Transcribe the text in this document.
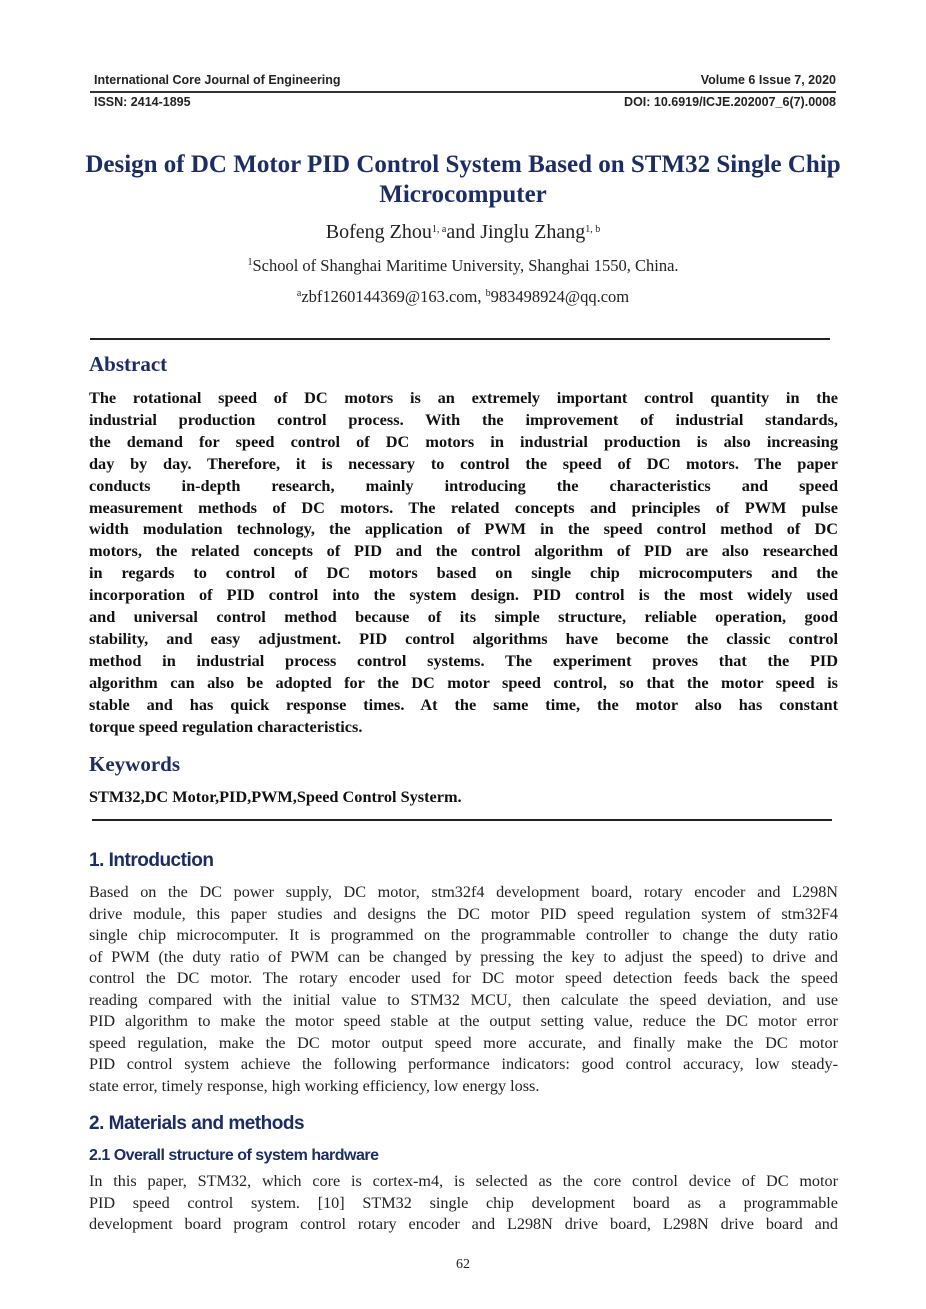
International Core Journal of Engineering	Volume 6 Issue 7, 2020
ISSN: 2414-1895	DOI: 10.6919/ICJE.202007_6(7).0008
Design of DC Motor PID Control System Based on STM32 Single Chip Microcomputer
Bofeng Zhou$^{1, a}$and Jinglu Zhang$^{1, b}$
$^1$School of Shanghai Maritime University, Shanghai 1550, China.
$^a$zbf1260144369@163.com, $^b$983498924@qq.com
Abstract
The rotational speed of DC motors is an extremely important control quantity in the
industrial production control process. With the improvement of industrial standards,
the demand for speed control of DC motors in industrial production is also increasing
day by day. Therefore, it is necessary to control the speed of DC motors. The paper
conducts in-depth research, mainly introducing the characteristics and speed
measurement methods of DC motors. The related concepts and principles of PWM pulse
width modulation technology, the application of PWM in the speed control method of DC
motors, the related concepts of PID and the control algorithm of PID are also researched
in regards to control of DC motors based on single chip microcomputers and the
incorporation of PID control into the system design. PID control is the most widely used
and universal control method because of its simple structure, reliable operation, good
stability, and easy adjustment. PID control algorithms have become the classic control
method in industrial process control systems. The experiment proves that the PID
algorithm can also be adopted for the DC motor speed control, so that the motor speed is
stable and has quick response times. At the same time, the motor also has constant
torque speed regulation characteristics.
Keywords
STM32,DC Motor,PID,PWM,Speed Control Systerm.
1. Introduction
Based on the DC power supply, DC motor, stm32f4 development board, rotary encoder and L298N
drive module, this paper studies and designs the DC motor PID speed regulation system of stm32F4
single chip microcomputer. It is programmed on the programmable controller to change the duty ratio
of PWM (the duty ratio of PWM can be changed by pressing the key to adjust the speed) to drive and
control the DC motor. The rotary encoder used for DC motor speed detection feeds back the speed
reading compared with the initial value to STM32 MCU, then calculate the speed deviation, and use
PID algorithm to make the motor speed stable at the output setting value, reduce the DC motor error
speed regulation, make the DC motor output speed more accurate, and finally make the DC motor
PID control system achieve the following performance indicators: good control accuracy, low steady-
state error, timely response, high working efficiency, low energy loss.
2. Materials and methods
2.1 Overall structure of system hardware
In this paper, STM32, which core is cortex-m4, is selected as the core control device of DC motor
PID speed control system. [10] STM32 single chip development board as a programmable
development board program control rotary encoder and L298N drive board, L298N drive board and
62
